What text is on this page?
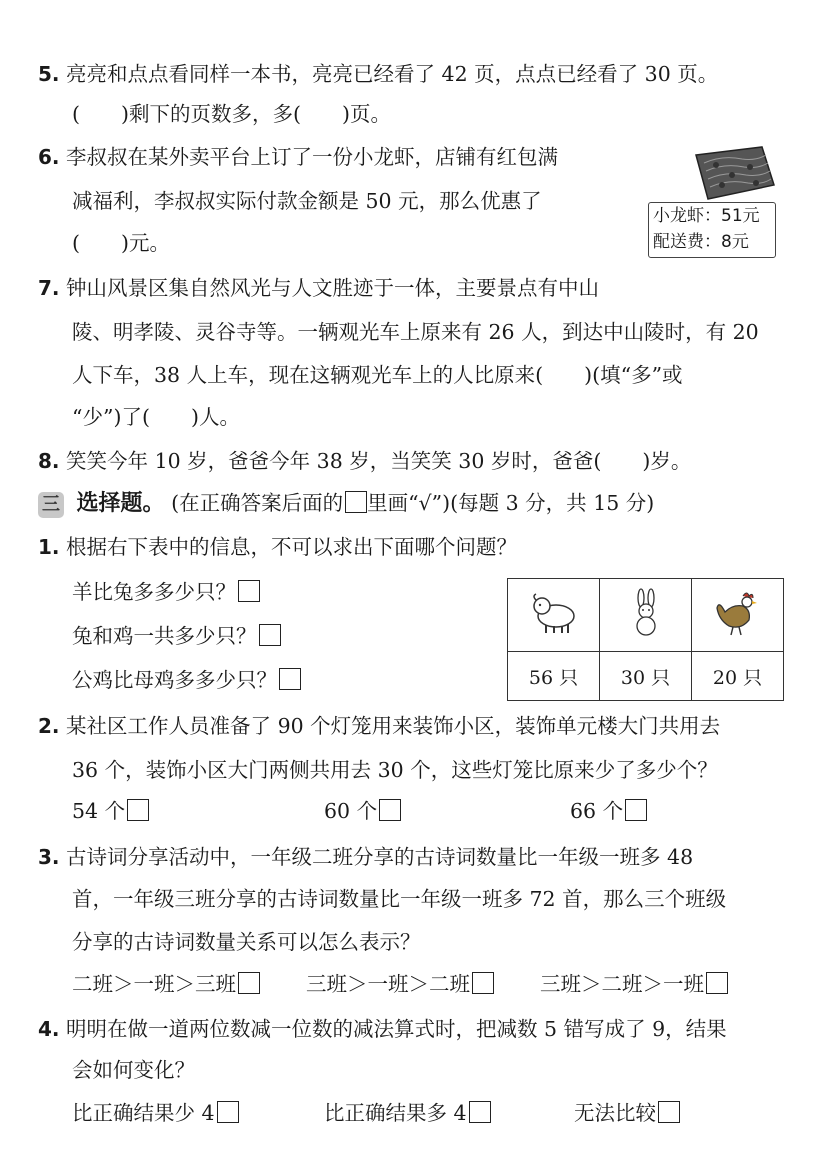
5. 亮亮和点点看同样一本书，亮亮已经看了 42 页，点点已经看了 30 页。
(　　)剩下的页数多，多(　　)页。
6. 李叔叔在某外卖平台上订了一份小龙虾，店铺有红包满
减福利，李叔叔实际付款金额是 50 元，那么优惠了
(　　)元。
小龙虾：51元
配送费：8元
7. 钟山风景区集自然风光与人文胜迹于一体，主要景点有中山
陵、明孝陵、灵谷寺等。一辆观光车上原来有 26 人，到达中山陵时，有 20
人下车，38 人上车，现在这辆观光车上的人比原来(　　)(填“多”或
“少”)了(　　)人。
8. 笑笑今年 10 岁，爸爸今年 38 岁，当笑笑 30 岁时，爸爸(　　)岁。
三 选择题。 (在正确答案后面的 里画“√”)(每题 3 分，共 15 分)
1. 根据右下表中的信息，不可以求出下面哪个问题？
羊比兔多多少只？
兔和鸡一共多少只？
公鸡比母鸡多多少只？
			56 只	30 只	20 只
2. 某社区工作人员准备了 90 个灯笼用来装饰小区，装饰单元楼大门共用去
36 个，装饰小区大门两侧共用去 30 个，这些灯笼比原来少了多少个？
54 个	60 个	66 个
3. 古诗词分享活动中，一年级二班分享的古诗词数量比一年级一班多 48
首，一年级三班分享的古诗词数量比一年级一班多 72 首，那么三个班级
分享的古诗词数量关系可以怎么表示？
二班＞一班＞三班	三班＞一班＞二班	三班＞二班＞一班
4. 明明在做一道两位数减一位数的减法算式时，把减数 5 错写成了 9，结果
会如何变化？
比正确结果少 4	比正确结果多 4	无法比较
